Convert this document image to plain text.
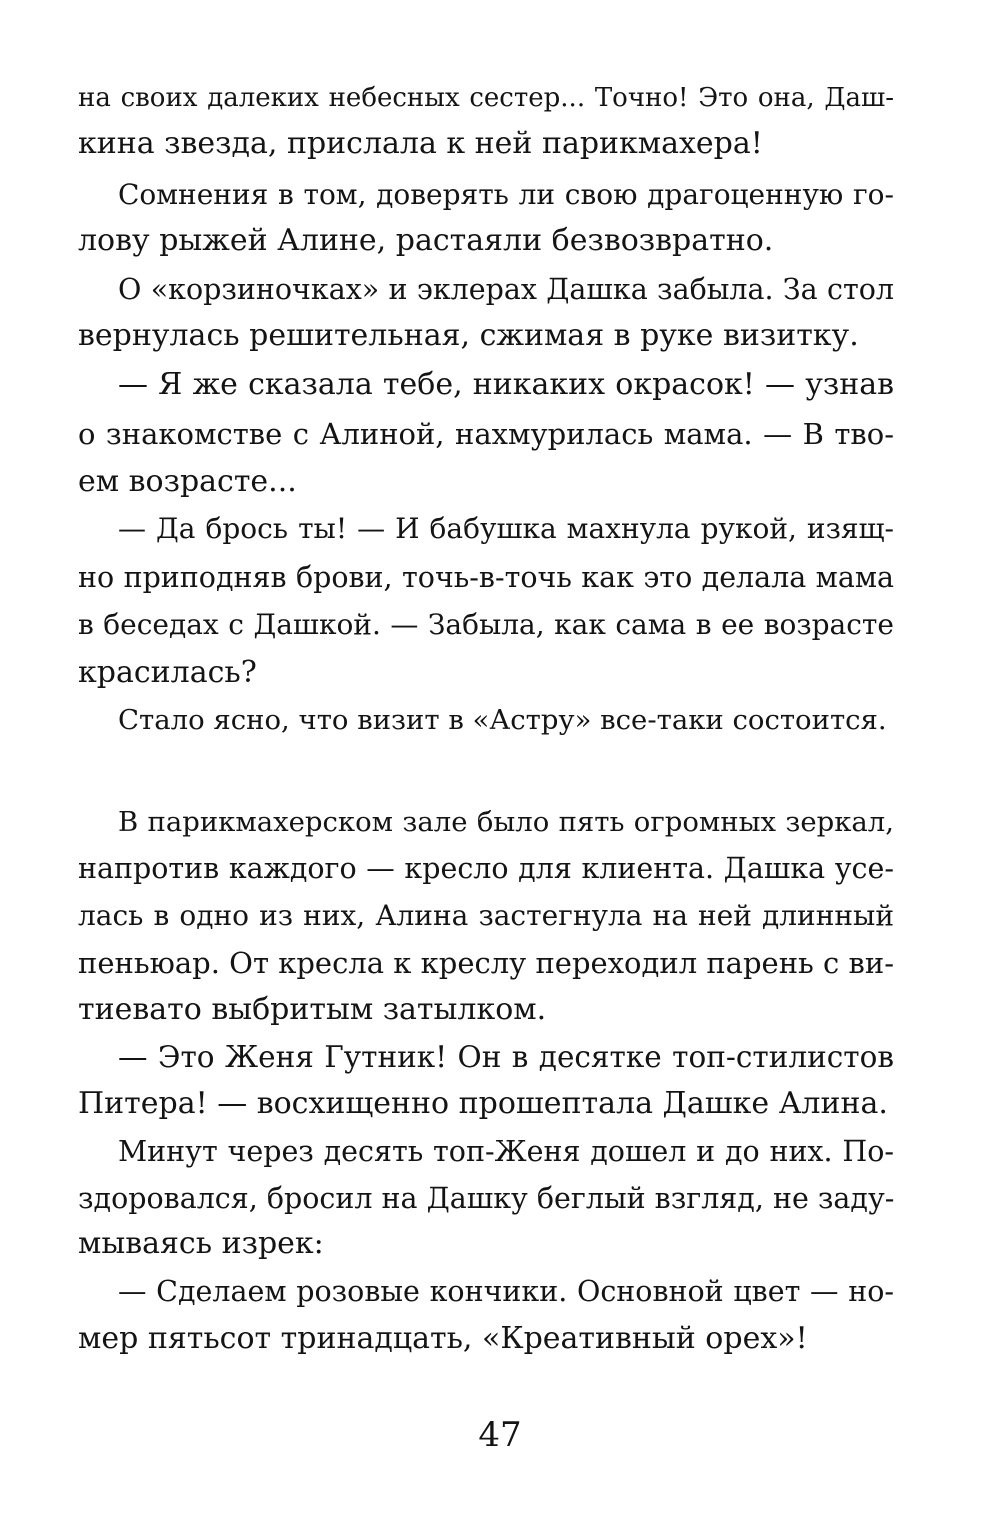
на своих далеких небесных сестер... Точно! Это она, Даш-
кина звезда, прислала к ней парикмахера!
Сомнения в том, доверять ли свою драгоценную го-
лову рыжей Алине, растаяли безвозвратно.
О «корзиночках» и эклерах Дашка забыла. За стол
вернулась решительная, сжимая в руке визитку.
— Я же сказала тебе, никаких окрасок! — узнав
о знакомстве с Алиной, нахмурилась мама. — В тво-
ем возрасте...
— Да брось ты! — И бабушка махнула рукой, изящ-
но приподняв брови, точь-в-точь как это делала мама
в беседах с Дашкой. — Забыла, как сама в ее возрасте
красилась?
Стало ясно, что визит в «Астру» все-таки состоится.
В парикмахерском зале было пять огромных зеркал,
напротив каждого — кресло для клиента. Дашка усе-
лась в одно из них, Алина застегнула на ней длинный
пеньюар. От кресла к креслу переходил парень с ви-
тиевато выбритым затылком.
— Это Женя Гутник! Он в десятке топ-стилистов
Питера! — восхищенно прошептала Дашке Алина.
Минут через десять топ-Женя дошел и до них. По-
здоровался, бросил на Дашку беглый взгляд, не заду-
мываясь изрек:
— Сделаем розовые кончики. Основной цвет — но-
мер пятьсот тринадцать, «Креативный орех»!
47
